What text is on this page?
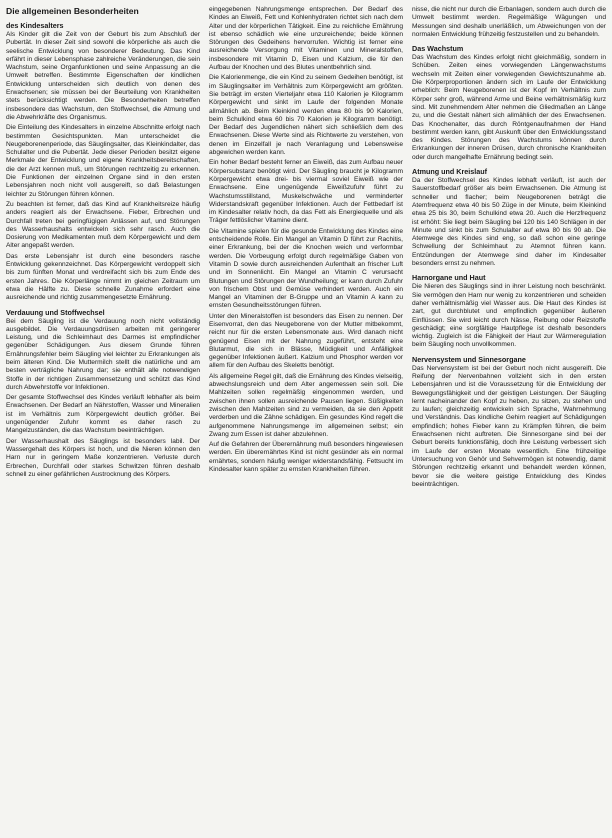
Die allgemeinen Besonderheiten
des Kindesalters

Als Kinder gilt die Zeit von der Geburt bis zum Abschluß der Pubertät. In dieser Zeit sind sowohl die körperliche als auch die seelische Entwicklung von besonderer Bedeutung. Das Kind erfährt in dieser Lebensphase zahlreiche Veränderungen, die sein Wachstum, seine Organfunktionen und seine Anpassung an die Umwelt betreffen. Bestimmte Eigenschaften der kindlichen Entwicklung unterscheiden sich deutlich von denen des Erwachsenen; sie müssen bei der Beurteilung von Krankheiten stets berücksichtigt werden. Die Besonderheiten betreffen insbesondere das Wachstum, den Stoffwechsel, die Atmung und die Abwehrkräfte des Organismus.

Die Einteilung des Kindesalters in einzelne Abschnitte erfolgt nach bestimmten Gesichtspunkten. Man unterscheidet die Neugeborenenperiode, das Säuglingsalter, das Kleinkindalter, das Schulalter und die Pubertät. Jede dieser Perioden besitzt eigene Merkmale der Entwicklung und eigene Krankheitsbereitschaften, die der Arzt kennen muß, um Störungen rechtzeitig zu erkennen. Die Funktionen der einzelnen Organe sind in den ersten Lebensjahren noch nicht voll ausgereift, so daß Belastungen leichter zu Störungen führen können.

Zu beachten ist ferner, daß das Kind auf Krankheitsreize häufig anders reagiert als der Erwachsene. Fieber, Erbrechen und Durchfall treten bei geringfügigen Anlässen auf, und Störungen des Wasserhaushalts entwickeln sich sehr rasch. Auch die Dosierung von Medikamenten muß dem Körpergewicht und dem Alter angepaßt werden.

Das erste Lebensjahr ist durch eine besonders rasche Entwicklung gekennzeichnet. Das Körpergewicht verdoppelt sich bis zum fünften Monat und verdreifacht sich bis zum Ende des ersten Jahres. Die Körperlänge nimmt im gleichen Zeitraum um etwa die Hälfte zu. Diese schnelle Zunahme erfordert eine ausreichende und richtig zusammengesetzte Ernährung.

Verdauung und Stoffwechsel

Bei dem Säugling ist die Verdauung noch nicht vollständig ausgebildet. Die Verdauungsdrüsen arbeiten mit geringerer Leistung, und die Schleimhaut des Darmes ist empfindlicher gegenüber Schädigungen. Aus diesem Grunde führen Ernährungsfehler beim Säugling viel leichter zu Erkrankungen als beim älteren Kind. Die Muttermilch stellt die natürliche und am besten verträgliche Nahrung dar; sie enthält alle notwendigen Stoffe in der richtigen Zusammensetzung und schützt das Kind durch Abwehrstoffe vor Infektionen.

Der gesamte Stoffwechsel des Kindes verläuft lebhafter als beim Erwachsenen. Der Bedarf an Nährstoffen, Wasser und Mineralien ist im Verhältnis zum Körpergewicht deutlich größer. Bei ungenügender Zufuhr kommt es daher rasch zu Mangelzuständen, die das Wachstum beeinträchtigen.

Der Wasserhaushalt des Säuglings ist besonders labil. Der Wassergehalt des Körpers ist hoch, und die Nieren können den Harn nur in geringem Maße konzentrieren. Verluste durch Erbrechen, Durchfall oder starkes Schwitzen führen deshalb schnell zu einer gefährlichen Austrocknung des Körpers.

eingegebenen Nahrungsmenge entsprechen. Der Bedarf des Kindes an Eiweiß, Fett und Kohlenhydraten richtet sich nach dem Alter und der körperlichen Tätigkeit. Eine zu reichliche Ernährung ist ebenso schädlich wie eine unzureichende; beide können Störungen des Gedeihens hervorrufen. Wichtig ist ferner eine ausreichende Versorgung mit Vitaminen und Mineralstoffen, insbesondere mit Vitamin D, Eisen und Kalzium, die für den Aufbau der Knochen und des Blutes unentbehrlich sind.

Die Kalorienmenge, die ein Kind zu seinem Gedeihen benötigt, ist im Säuglingsalter im Verhältnis zum Körpergewicht am größten. Sie beträgt im ersten Vierteljahr etwa 110 Kalorien je Kilogramm Körpergewicht und sinkt im Laufe der folgenden Monate allmählich ab. Beim Kleinkind werden etwa 80 bis 90 Kalorien, beim Schulkind etwa 60 bis 70 Kalorien je Kilogramm benötigt. Der Bedarf des Jugendlichen nähert sich schließlich dem des Erwachsenen. Diese Werte sind als Richtwerte zu verstehen, von denen im Einzelfall je nach Veranlagung und Lebensweise abgewichen werden kann.

Ein hoher Bedarf besteht ferner an Eiweiß, das zum Aufbau neuer Körpersubstanz benötigt wird. Der Säugling braucht je Kilogramm Körpergewicht etwa drei- bis viermal soviel Eiweiß wie der Erwachsene. Eine ungenügende Eiweißzufuhr führt zu Wachstumsstillstand, Muskelschwäche und verminderter Widerstandskraft gegenüber Infektionen. Auch der Fettbedarf ist im Kindesalter relativ hoch, da das Fett als Energiequelle und als Träger fettlöslicher Vitamine dient.

Die Vitamine spielen für die gesunde Entwicklung des Kindes eine entscheidende Rolle. Ein Mangel an Vitamin D führt zur Rachitis, einer Erkrankung, bei der die Knochen weich und verformbar werden. Die Vorbeugung erfolgt durch regelmäßige Gaben von Vitamin D sowie durch ausreichenden Aufenthalt an frischer Luft und im Sonnenlicht. Ein Mangel an Vitamin C verursacht Blutungen und Störungen der Wundheilung; er kann durch Zufuhr von frischem Obst und Gemüse verhindert werden. Auch ein Mangel an Vitaminen der B-Gruppe und an Vitamin A kann zu ernsten Gesundheitsstörungen führen.

Unter den Mineralstoffen ist besonders das Eisen zu nennen. Der Eisenvorrat, den das Neugeborene von der Mutter mitbekommt, reicht nur für die ersten Lebensmonate aus. Wird danach nicht genügend Eisen mit der Nahrung zugeführt, entsteht eine Blutarmut, die sich in Blässe, Müdigkeit und Anfälligkeit gegenüber Infektionen äußert. Kalzium und Phosphor werden vor allem für den Aufbau des Skeletts benötigt.

Als allgemeine Regel gilt, daß die Ernährung des Kindes vielseitig, abwechslungsreich und dem Alter angemessen sein soll. Die Mahlzeiten sollen regelmäßig eingenommen werden, und zwischen ihnen sollen ausreichende Pausen liegen. Süßigkeiten zwischen den Mahlzeiten sind zu vermeiden, da sie den Appetit verderben und die Zähne schädigen. Ein gesundes Kind regelt die aufgenommene Nahrungsmenge im allgemeinen selbst; ein Zwang zum Essen ist daher abzulehnen.

Auf die Gefahren der Überernährung muß besonders hingewiesen werden. Ein überernährtes Kind ist nicht gesünder als ein normal ernährtes, sondern häufig weniger widerstandsfähig. Fettsucht im Kindesalter kann später zu ernsten Krankheiten führen.

nisse, die nicht nur durch die Erbanlagen, sondern auch durch die Umwelt bestimmt werden. Regelmäßige Wägungen und Messungen sind deshalb unerläßlich, um Abweichungen von der normalen Entwicklung frühzeitig festzustellen und zu behandeln.

Das Wachstum

Das Wachstum des Kindes erfolgt nicht gleichmäßig, sondern in Schüben. Zeiten eines vorwiegenden Längenwachstums wechseln mit Zeiten einer vorwiegenden Gewichtszunahme ab. Die Körperproportionen ändern sich im Laufe der Entwicklung erheblich: Beim Neugeborenen ist der Kopf im Verhältnis zum Körper sehr groß, während Arme und Beine verhältnismäßig kurz sind. Mit zunehmendem Alter nehmen die Gliedmaßen an Länge zu, und die Gestalt nähert sich allmählich der des Erwachsenen. Das Knochenalter, das durch Röntgenaufnahmen der Hand bestimmt werden kann, gibt Auskunft über den Entwicklungsstand des Kindes. Störungen des Wachstums können durch Erkrankungen der inneren Drüsen, durch chronische Krankheiten oder durch mangelhafte Ernährung bedingt sein.

Atmung und Kreislauf

Da der Stoffwechsel des Kindes lebhaft verläuft, ist auch der Sauerstoffbedarf größer als beim Erwachsenen. Die Atmung ist schneller und flacher; beim Neugeborenen beträgt die Atemfrequenz etwa 40 bis 50 Züge in der Minute, beim Kleinkind etwa 25 bis 30, beim Schulkind etwa 20. Auch die Herzfrequenz ist erhöht: Sie liegt beim Säugling bei 120 bis 140 Schlägen in der Minute und sinkt bis zum Schulalter auf etwa 80 bis 90 ab. Die Atemwege des Kindes sind eng, so daß schon eine geringe Schwellung der Schleimhaut zu Atemnot führen kann. Entzündungen der Atemwege sind daher im Kindesalter besonders ernst zu nehmen.

Harnorgane und Haut

Die Nieren des Säuglings sind in ihrer Leistung noch beschränkt. Sie vermögen den Harn nur wenig zu konzentrieren und scheiden daher verhältnismäßig viel Wasser aus. Die Haut des Kindes ist zart, gut durchblutet und empfindlich gegenüber äußeren Einflüssen. Sie wird leicht durch Nässe, Reibung oder Reizstoffe geschädigt; eine sorgfältige Hautpflege ist deshalb besonders wichtig. Zugleich ist die Fähigkeit der Haut zur Wärmeregulation beim Säugling noch unvollkommen.

Nervensystem und Sinnesorgane

Das Nervensystem ist bei der Geburt noch nicht ausgereift. Die Reifung der Nervenbahnen vollzieht sich in den ersten Lebensjahren und ist die Voraussetzung für die Entwicklung der Bewegungsfähigkeit und der geistigen Leistungen. Der Säugling lernt nacheinander den Kopf zu heben, zu sitzen, zu stehen und zu laufen; gleichzeitig entwickeln sich Sprache, Wahrnehmung und Verständnis. Das kindliche Gehirn reagiert auf Schädigungen empfindlich; hohes Fieber kann zu Krämpfen führen, die beim Erwachsenen nicht auftreten. Die Sinnesorgane sind bei der Geburt bereits funktionsfähig, doch ihre Leistung verbessert sich im Laufe der ersten Monate wesentlich. Eine frühzeitige Untersuchung von Gehör und Sehvermögen ist notwendig, damit Störungen rechtzeitig erkannt und behandelt werden können, bevor sie die weitere geistige Entwicklung des Kindes beeinträchtigen.
